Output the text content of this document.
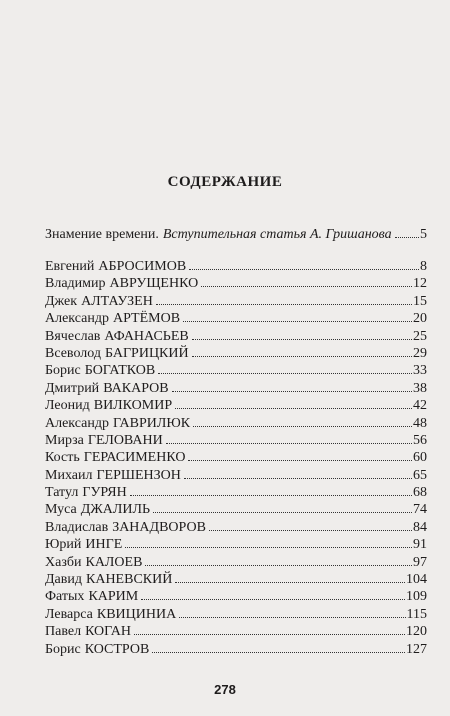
СОДЕРЖАНИЕ
Знамение времени. Вступительная статья А. Гришанова 5
Евгений АБРОСИМОВ	8
Владимир АВРУЩЕНКО	12
Джек АЛТАУЗЕН	15
Александр АРТЁМОВ	20
Вячеслав АФАНАСЬЕВ	25
Всеволод БАГРИЦКИЙ	29
Борис БОГАТКОВ	33
Дмитрий ВАКАРОВ	38
Леонид ВИЛКОМИР	42
Александр ГАВРИЛЮК	48
Мирза ГЕЛОВАНИ	56
Кость ГЕРАСИМЕНКО	60
Михаил ГЕРШЕНЗОН	65
Татул ГУРЯН	68
Муса ДЖАЛИЛЬ	74
Владислав ЗАНАДВОРОВ	84
Юрий ИНГЕ	91
Хазби КАЛОЕВ	97
Давид КАНЕВСКИЙ	104
Фатых КАРИМ	109
Леварса КВИЦИНИА	115
Павел КОГАН	120
Борис КОСТРОВ	127
278
